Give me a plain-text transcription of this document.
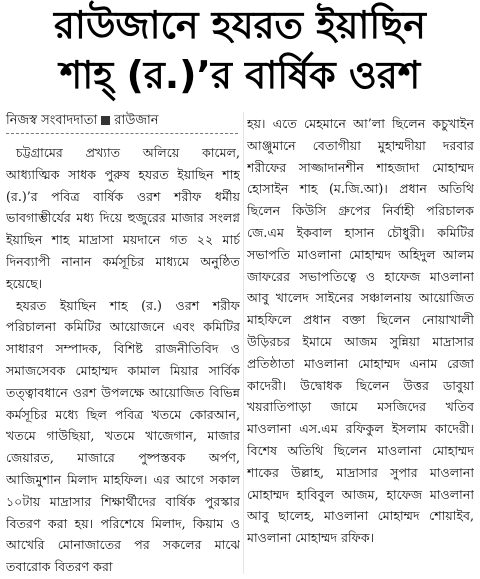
রাউজানে হযরত ইয়াছিন
শাহ্ (র.)’র বার্ষিক ওরশ
নিজস্ব সংবাদদাতা রাউজান

চট্টগ্রামের প্রখ্যাত অলিয়ে কামেল, আধ্যাত্মিক সাধক পুরুষ হযরত ইয়াছিন শাহ (র.)’র পবিত্র বার্ষিক ওরশ শরীফ ধর্মীয় ভাবগাম্ভীর্যের মধ্য দিয়ে হুজুরের মাজার সংলগ্ন ইয়াছিন শাহ মাদ্রাসা ময়দানে গত ২২ মার্চ দিনব্যাপী নানান কর্মসূচির মাধ্যমে অনুষ্ঠিত হয়েছে।

হযরত ইয়াছিন শাহ (র.) ওরশ শরীফ পরিচালনা কমিটির আয়োজনে এবং কমিটির সাধারণ সম্পাদক, বিশিষ্ট রাজনীতিবিদ ও সমাজসেবক মোহাম্মদ কামাল মিয়ার সার্বিক তত্ত্বাবধানে ওরশ উপলক্ষে আয়োজিত বিভিন্ন কর্মসূচির মধ্যে ছিল পবিত্র খতমে কোরআন, খতমে গাউছিয়া, খতমে খাজেগান, মাজার জেয়ারত, মাজারে পুষ্পস্তবক অর্পণ, আজিমুশান মিলাদ মাহফিল। এর আগে সকাল ১০টায় মাদ্রাসার শিক্ষার্থীদের বার্ষিক পুরস্কার বিতরণ করা হয়। পরিশেষে মিলাদ, কিয়াম ও আখেরি মোনাজাতের পর সকলের মাঝে তবারোক বিতরণ করা

হয়। এতে মেহমানে আ’লা ছিলেন কচুখাইন আঞ্জুমানে বেতাগীয়া মুহাম্মদীয়া দরবার শরীফের সাজ্জাদানশীন শাহজাদা মোহাম্মদ হোসাইন শাহ (ম.জি.আ)। প্রধান অতিথি ছিলেন কিউসি গ্রুপের নির্বাহী পরিচালক জে.এম ইকবাল হাসান চৌধুরী। কমিটির সভাপতি মাওলানা মোহাম্মদ অহিদুল আলম জাফরের সভাপতিত্বে ও হাফেজ মাওলানা আবু খালেদ সাইনের সঞ্চালনায় আয়োজিত মাহফিলে প্রধান বক্তা ছিলেন নোয়াখালী উড়িরচর ইমামে আজম সুন্নিয়া মাদ্রাসার প্রতিষ্ঠাতা মাওলানা মোহাম্মদ এনাম রেজা কাদেরী। উদ্বোধক ছিলেন উত্তর ডাবুয়া খয়রাতিপাড়া জামে মসজিদের খতিব মাওলানা এস.এম রফিকুল ইসলাম কাদেরী। বিশেষ অতিথি ছিলেন মাওলানা মোহাম্মদ শাকের উল্লাহ, মাদ্রাসার সুপার মাওলানা মোহাম্মদ হাবিবুল আজম, হাফেজ মাওলানা আবু ছালেহ, মাওলানা মোহাম্মদ শোয়াইব, মাওলানা মোহাম্মদ রফিক।
